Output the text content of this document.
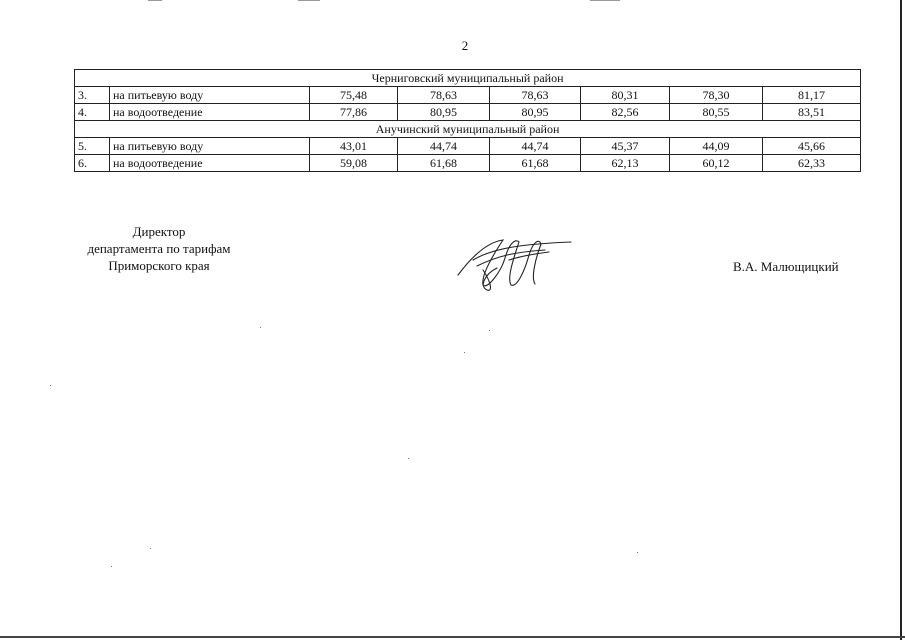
2
Черниговский муниципальный район							
3.	на питьевую воду	75,48	78,63	78,63	80,31	78,30	81,17
4.	на водоотведение	77,86	80,95	80,95	82,56	80,55	83,51
Анучинский муниципальный район							
5.	на питьевую воду	43,01	44,74	44,74	45,37	44,09	45,66
6.	на водоотведение	59,08	61,68	61,68	62,13	60,12	62,33
Директор
департамента по тарифам
Приморского края	В.А. Малющицкий
